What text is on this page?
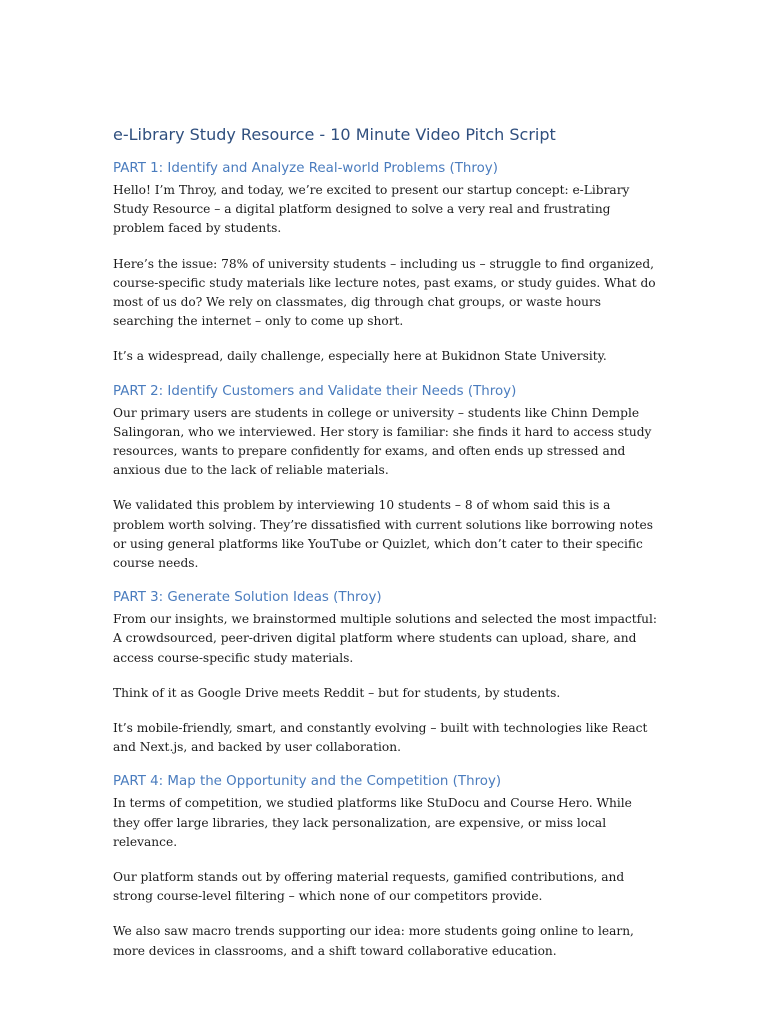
e-Library Study Resource - 10 Minute Video Pitch Script
PART 1: Identify and Analyze Real-world Problems (Throy)

Hello! I’m Throy, and today, we’re excited to present our startup concept: e-Library Study Resource – a digital platform designed to solve a very real and frustrating problem faced by students.

Here’s the issue: 78% of university students – including us – struggle to find organized, course-specific study materials like lecture notes, past exams, or study guides. What do most of us do? We rely on classmates, dig through chat groups, or waste hours searching the internet – only to come up short.

It’s a widespread, daily challenge, especially here at Bukidnon State University.

PART 2: Identify Customers and Validate their Needs (Throy)

Our primary users are students in college or university – students like Chinn Demple Salingoran, who we interviewed. Her story is familiar: she finds it hard to access study resources, wants to prepare confidently for exams, and often ends up stressed and anxious due to the lack of reliable materials.

We validated this problem by interviewing 10 students – 8 of whom said this is a problem worth solving. They’re dissatisfied with current solutions like borrowing notes or using general platforms like YouTube or Quizlet, which don’t cater to their specific course needs.

PART 3: Generate Solution Ideas (Throy)

From our insights, we brainstormed multiple solutions and selected the most impactful: A crowdsourced, peer-driven digital platform where students can upload, share, and access course-specific study materials.

Think of it as Google Drive meets Reddit – but for students, by students.

It’s mobile-friendly, smart, and constantly evolving – built with technologies like React and Next.js, and backed by user collaboration.

PART 4: Map the Opportunity and the Competition (Throy)

In terms of competition, we studied platforms like StuDocu and Course Hero. While they offer large libraries, they lack personalization, are expensive, or miss local relevance.

Our platform stands out by offering material requests, gamified contributions, and strong course-level filtering – which none of our competitors provide.

We also saw macro trends supporting our idea: more students going online to learn, more devices in classrooms, and a shift toward collaborative education.
